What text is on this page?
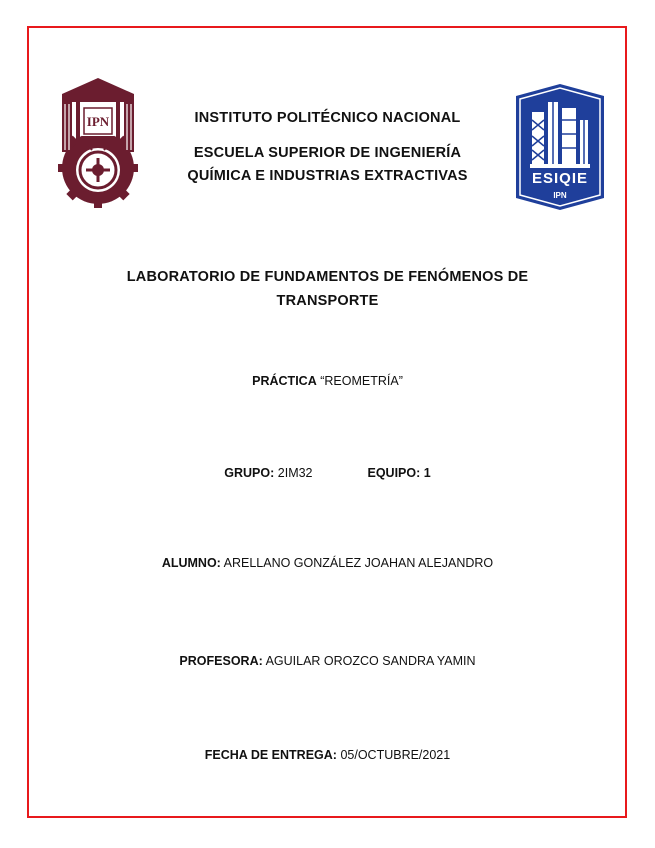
ESIQIE
IPN
IPN	INSTITUTO POLITÉCNICO NACIONAL
ESCUELA SUPERIOR DE INGENIERÍA
QUÍMICA E INDUSTRIAS EXTRACTIVAS
LABORATORIO DE FUNDAMENTOS DE FENÓMENOS DE
TRANSPORTE
PRÁCTICA “REOMETRÍA”
GRUPO: 2IM32	EQUIPO: 1
ALUMNO: ARELLANO GONZÁLEZ JOAHAN ALEJANDRO
PROFESORA: AGUILAR OROZCO SANDRA YAMIN
FECHA DE ENTREGA: 05/OCTUBRE/2021
